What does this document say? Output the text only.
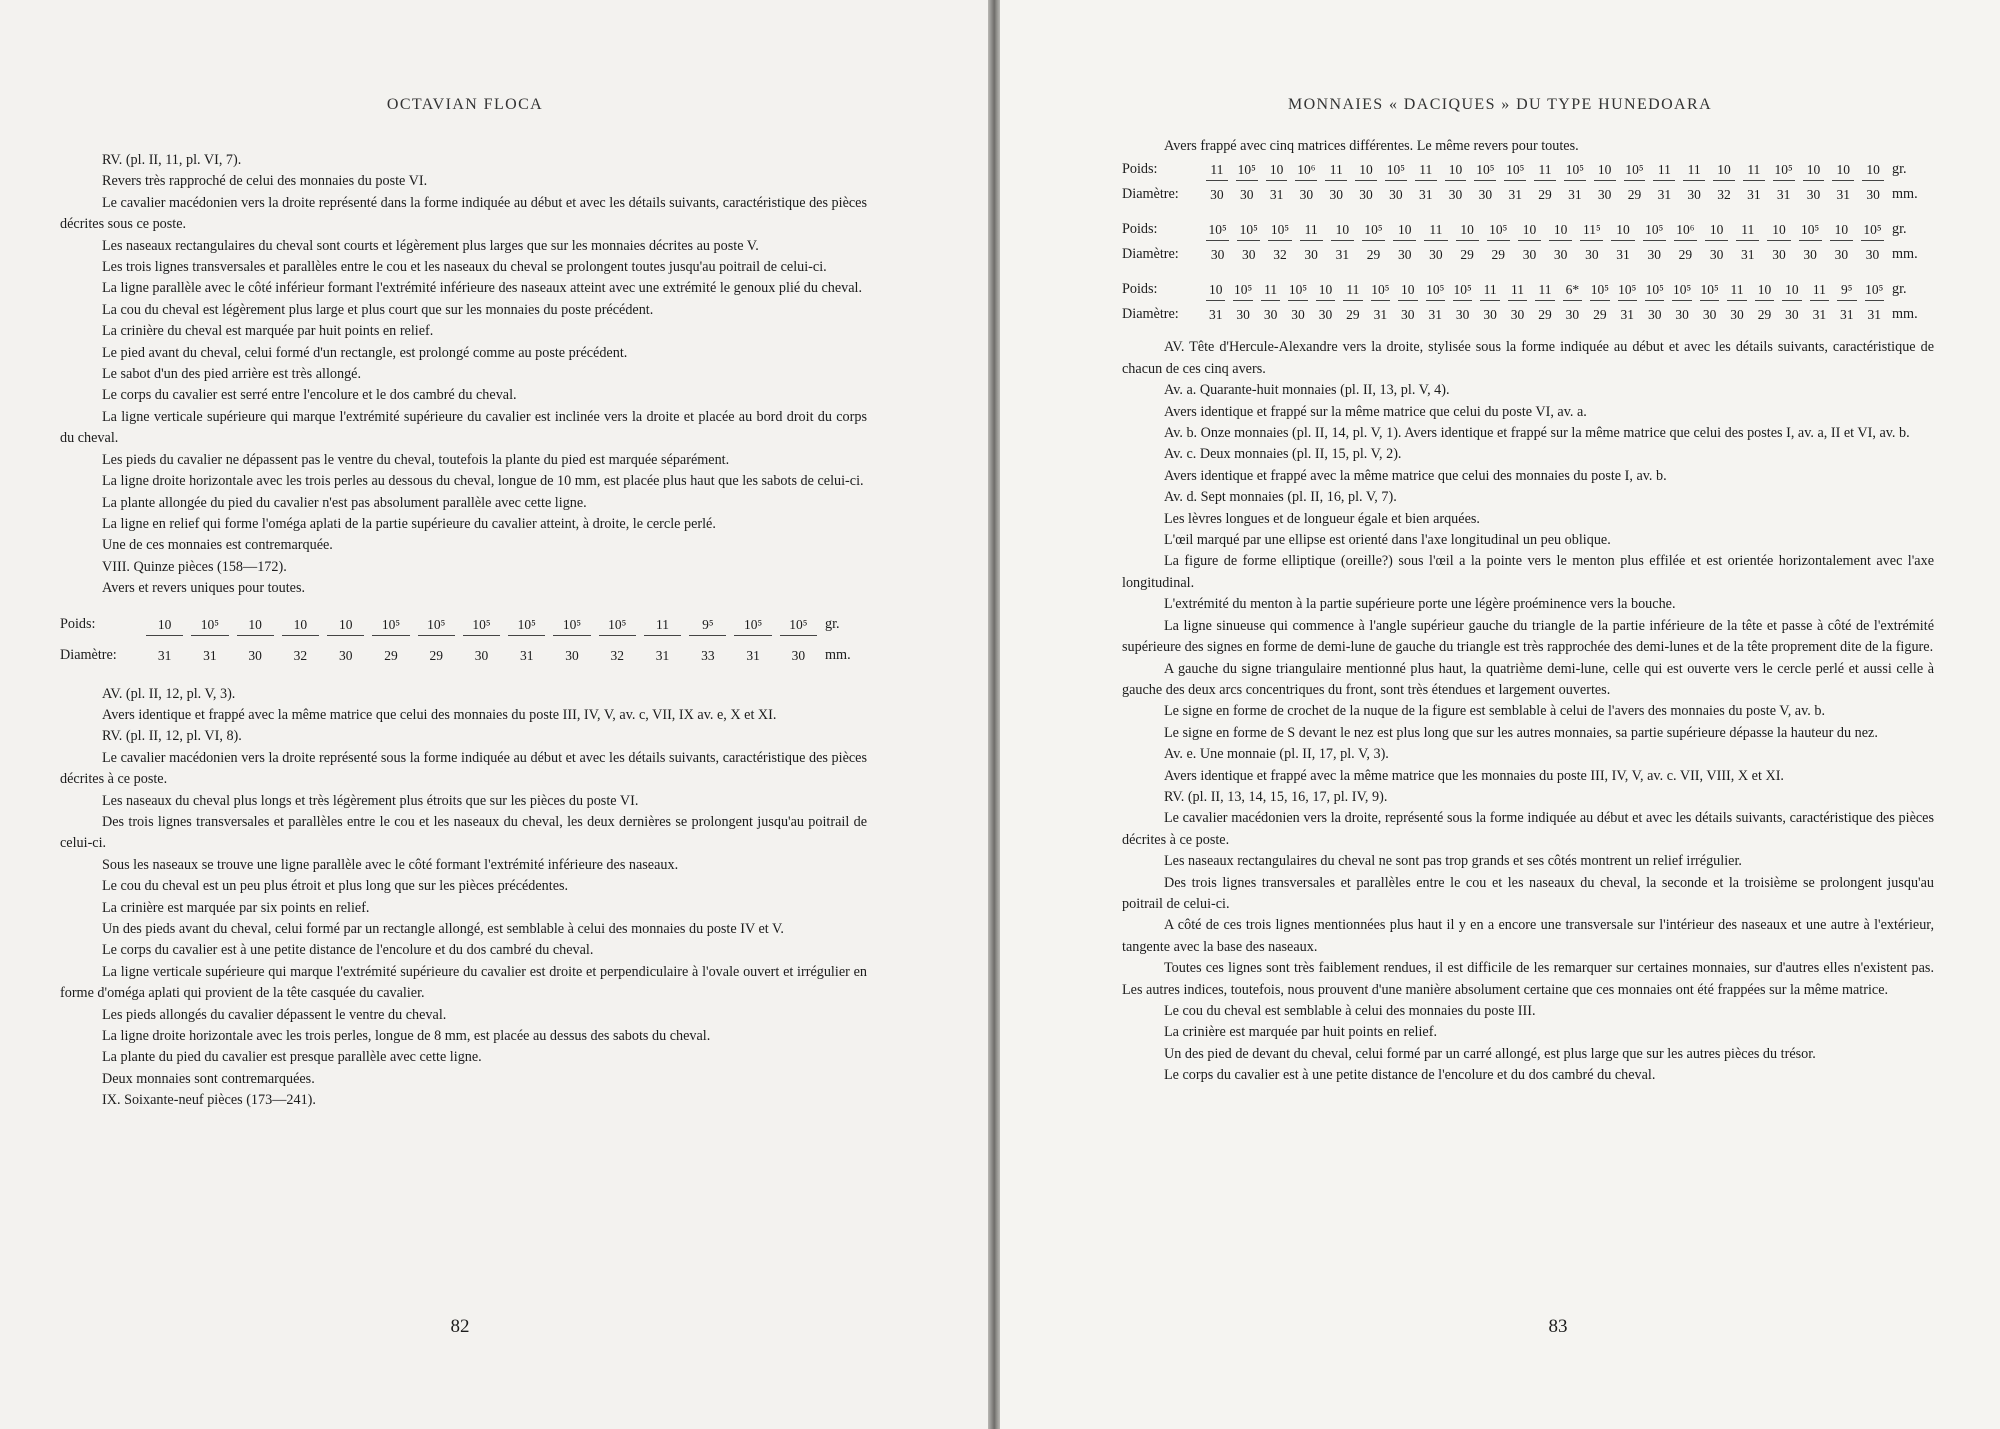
OCTAVIAN FLOCA

RV. (pl. II, 11, pl. VI, 7).

Revers très rapproché de celui des monnaies du poste VI.

Le cavalier macédonien vers la droite représenté dans la forme indiquée au début et avec les détails suivants, caractéristique des pièces décrites sous ce poste.

Les naseaux rectangulaires du cheval sont courts et légèrement plus larges que sur les monnaies décrites au poste V.

Les trois lignes transversales et parallèles entre le cou et les naseaux du cheval se prolongent toutes jusqu'au poitrail de celui-ci.

La ligne parallèle avec le côté inférieur formant l'extrémité inférieure des naseaux atteint avec une extrémité le genoux plié du cheval.

La cou du cheval est légèrement plus large et plus court que sur les monnaies du poste précédent.

La crinière du cheval est marquée par huit points en relief.

Le pied avant du cheval, celui formé d'un rectangle, est prolongé comme au poste précédent.

Le sabot d'un des pied arrière est très allongé.

Le corps du cavalier est serré entre l'encolure et le dos cambré du cheval.

La ligne verticale supérieure qui marque l'extrémité supérieure du cavalier est inclinée vers la droite et placée au bord droit du corps du cheval.

Les pieds du cavalier ne dépassent pas le ventre du cheval, toutefois la plante du pied est marquée séparément.

La ligne droite horizontale avec les trois perles au dessous du cheval, longue de 10 mm, est placée plus haut que les sabots de celui-ci.

La plante allongée du pied du cavalier n'est pas absolument parallèle avec cette ligne.

La ligne en relief qui forme l'oméga aplati de la partie supérieure du cavalier atteint, à droite, le cercle perlé.

Une de ces monnaies est contremarquée.

VIII. Quinze pièces (158—172).

Avers et revers uniques pour toutes.

Poids:	10	10⁵	10	10	10	10⁵	10⁵	10⁵	10⁵	10⁵	10⁵	11	9⁵	10⁵	10⁵	gr.
Diamètre:	31	31	30	32	30	29	29	30	31	30	32	31	33	31	30	mm.

AV. (pl. II, 12, pl. V, 3).

Avers identique et frappé avec la même matrice que celui des monnaies du poste III, IV, V, av. c, VII, IX av. e, X et XI.

RV. (pl. II, 12, pl. VI, 8).

Le cavalier macédonien vers la droite représenté sous la forme indiquée au début et avec les détails suivants, caractéristique des pièces décrites à ce poste.

Les naseaux du cheval plus longs et très légèrement plus étroits que sur les pièces du poste VI.

Des trois lignes transversales et parallèles entre le cou et les naseaux du cheval, les deux dernières se prolongent jusqu'au poitrail de celui-ci.

Sous les naseaux se trouve une ligne parallèle avec le côté formant l'extrémité inférieure des naseaux.

Le cou du cheval est un peu plus étroit et plus long que sur les pièces précédentes.

La crinière est marquée par six points en relief.

Un des pieds avant du cheval, celui formé par un rectangle allongé, est semblable à celui des monnaies du poste IV et V.

Le corps du cavalier est à une petite distance de l'encolure et du dos cambré du cheval.

La ligne verticale supérieure qui marque l'extrémité supérieure du cavalier est droite et perpendiculaire à l'ovale ouvert et irrégulier en forme d'oméga aplati qui provient de la tête casquée du cavalier.

Les pieds allongés du cavalier dépassent le ventre du cheval.

La ligne droite horizontale avec les trois perles, longue de 8 mm, est placée au dessus des sabots du cheval.

La plante du pied du cavalier est presque parallèle avec cette ligne.

Deux monnaies sont contremarquées.

IX. Soixante-neuf pièces (173—241).

82
MONNAIES « DACIQUES » DU TYPE HUNEDOARA

Avers frappé avec cinq matrices différentes. Le même revers pour toutes.

Poids:	11	10⁵	10	10⁶	11	10	10⁵	11	10	10⁵ 10⁵	11	10⁵	10	10⁵	11	11	10	11	10⁵	10	10	10 gr.
Diamètre:	30	30	31	30	30	30	30	31	30	30	31	29	31	30	29	31	30	32	31	31	30	31	30 mm.
Poids:	10⁵ 10⁵ 10⁵	11	10	10⁵	10	11	10	10⁵	10	10	11⁵	10	10⁵ 10⁶	10	11	10	10⁵	10	10⁵ gr.
Diamètre:	30	30	32	30	31	29	30	30	29	29	30	30	30	31	30	29	30	31	30	30	30	30 mm.
Poids:	10 10⁵ 11 10⁵ 10 11 10⁵ 10 10⁵ 10⁵ 11 11 11 6* 10⁵ 10⁵ 10⁵ 10⁵ 10⁵ 11 10 10 11 9⁵ 10⁵ gr.
Diamètre:	31	30	30	30	30	29	31	30	31	30	30	30	29	30	29	31	30	30	30	30	29	30	31	31	31 mm.

AV. Tête d'Hercule-Alexandre vers la droite, stylisée sous la forme indiquée au début et avec les détails suivants, caractéristique de chacun de ces cinq avers.

Av. a. Quarante-huit monnaies (pl. II, 13, pl. V, 4).

Avers identique et frappé sur la même matrice que celui du poste VI, av. a.

Av. b. Onze monnaies (pl. II, 14, pl. V, 1). Avers identique et frappé sur la même matrice que celui des postes I, av. a, II et VI, av. b.

Av. c. Deux monnaies (pl. II, 15, pl. V, 2).

Avers identique et frappé avec la même matrice que celui des monnaies du poste I, av. b.

Av. d. Sept monnaies (pl. II, 16, pl. V, 7).

Les lèvres longues et de longueur égale et bien arquées.

L'œil marqué par une ellipse est orienté dans l'axe longitudinal un peu oblique.

La figure de forme elliptique (oreille?) sous l'œil a la pointe vers le menton plus effilée et est orientée horizontalement avec l'axe longitudinal.

L'extrémité du menton à la partie supérieure porte une légère proéminence vers la bouche.

La ligne sinueuse qui commence à l'angle supérieur gauche du triangle de la partie inférieure de la tête et passe à côté de l'extrémité supérieure des signes en forme de demi-lune de gauche du triangle est très rapprochée des demi-lunes et de la tête proprement dite de la figure.

A gauche du signe triangulaire mentionné plus haut, la quatrième demi-lune, celle qui est ouverte vers le cercle perlé et aussi celle à gauche des deux arcs concentriques du front, sont très étendues et largement ouvertes.

Le signe en forme de crochet de la nuque de la figure est semblable à celui de l'avers des monnaies du poste V, av. b.

Le signe en forme de S devant le nez est plus long que sur les autres monnaies, sa partie supérieure dépasse la hauteur du nez.

Av. e. Une monnaie (pl. II, 17, pl. V, 3).

Avers identique et frappé avec la même matrice que les monnaies du poste III, IV, V, av. c. VII, VIII, X et XI.

RV. (pl. II, 13, 14, 15, 16, 17, pl. IV, 9).

Le cavalier macédonien vers la droite, représenté sous la forme indiquée au début et avec les détails suivants, caractéristique des pièces décrites à ce poste.

Les naseaux rectangulaires du cheval ne sont pas trop grands et ses côtés montrent un relief irrégulier.

Des trois lignes transversales et parallèles entre le cou et les naseaux du cheval, la seconde et la troisième se prolongent jusqu'au poitrail de celui-ci.

A côté de ces trois lignes mentionnées plus haut il y en a encore une transversale sur l'intérieur des naseaux et une autre à l'extérieur, tangente avec la base des naseaux.

Toutes ces lignes sont très faiblement rendues, il est difficile de les remarquer sur certaines monnaies, sur d'autres elles n'existent pas. Les autres indices, toutefois, nous prouvent d'une manière absolument certaine que ces monnaies ont été frappées sur la même matrice.

Le cou du cheval est semblable à celui des monnaies du poste III.

La crinière est marquée par huit points en relief.

Un des pied de devant du cheval, celui formé par un carré allongé, est plus large que sur les autres pièces du trésor.

Le corps du cavalier est à une petite distance de l'encolure et du dos cambré du cheval.

83
